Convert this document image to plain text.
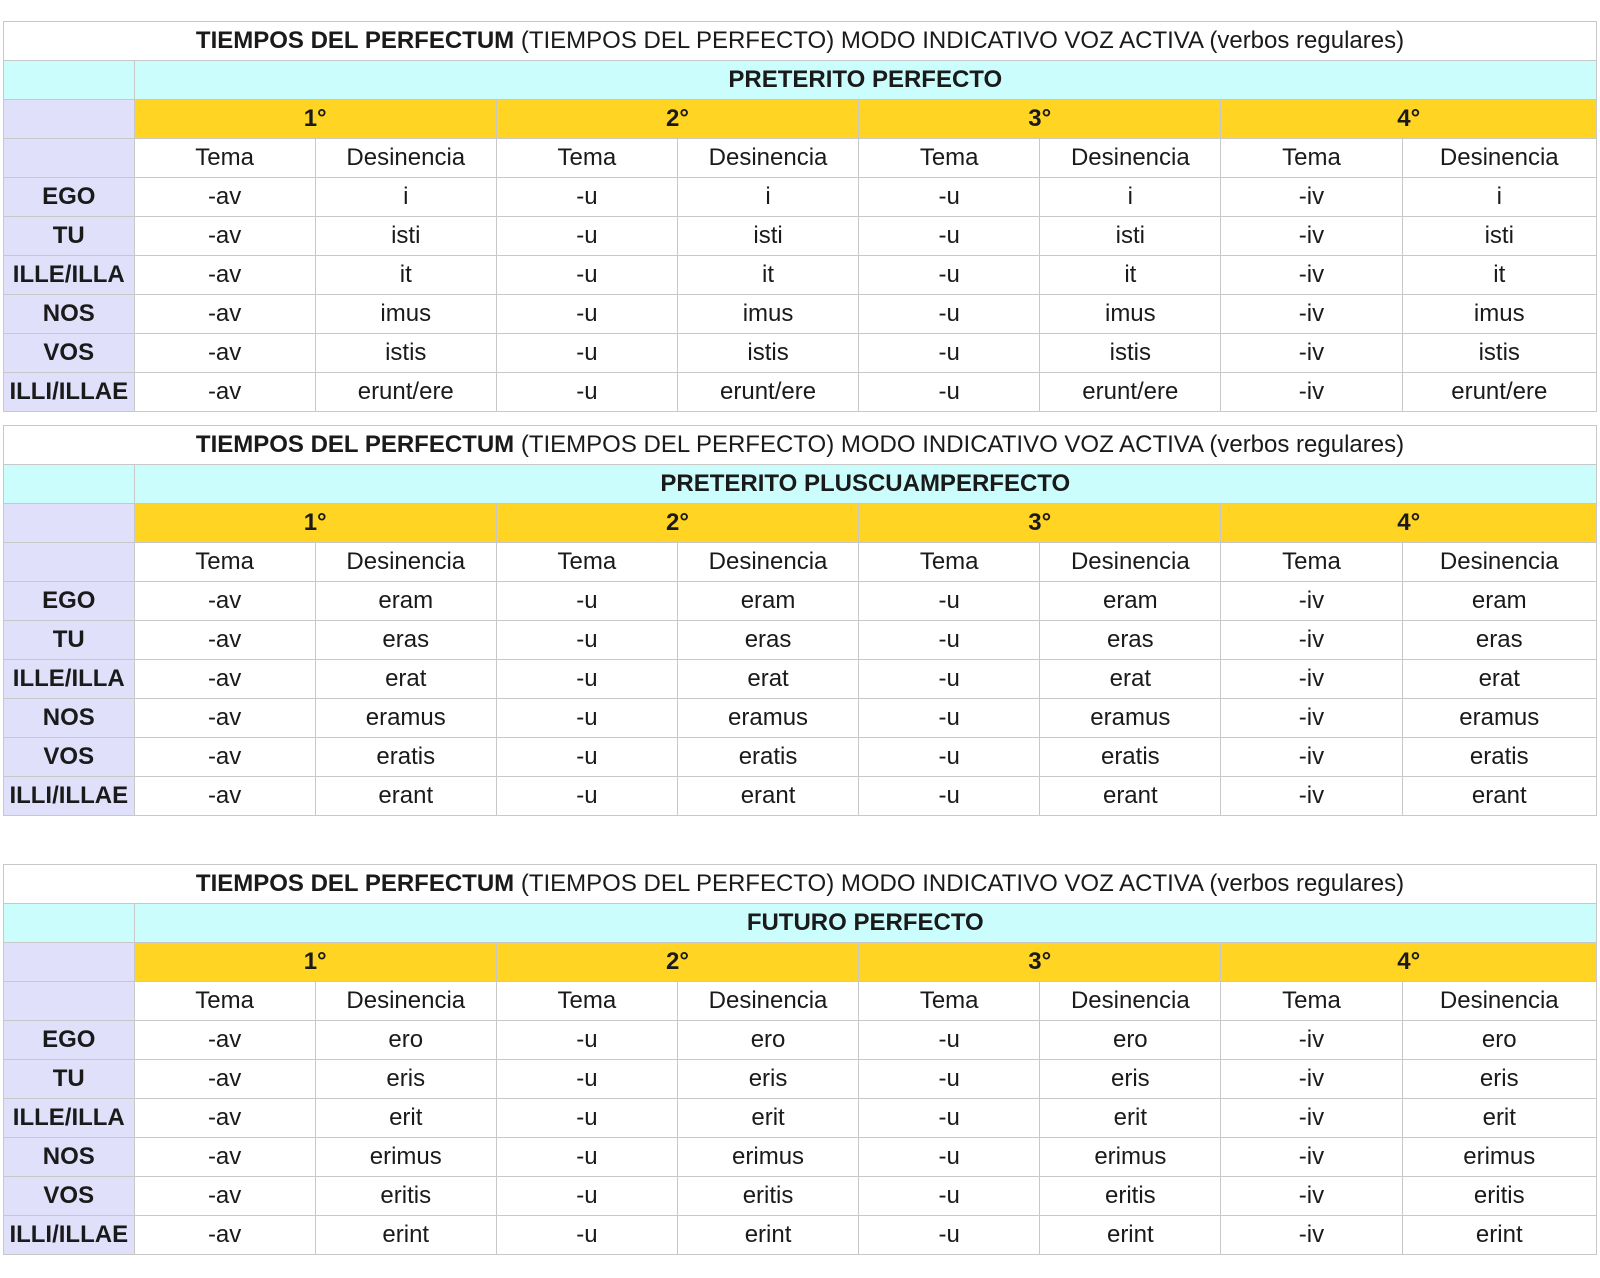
TIEMPOS DEL PERFECTUM (TIEMPOS DEL PERFECTO) MODO INDICATIVO VOZ ACTIVA (verbos regulares)								
	PRETERITO PERFECTO							
	1°		2°		3°		4°	
	Tema	Desinencia	Tema	Desinencia	Tema	Desinencia	Tema	Desinencia
EGO	-av	i	-u	i	-u	i	-iv	i
TU	-av	isti	-u	isti	-u	isti	-iv	isti
ILLE/ILLA	-av	it	-u	it	-u	it	-iv	it
NOS	-av	imus	-u	imus	-u	imus	-iv	imus
VOS	-av	istis	-u	istis	-u	istis	-iv	istis
ILLI/ILLAE	-av	erunt/ere	-u	erunt/ere	-u	erunt/ere	-iv	erunt/ere
TIEMPOS DEL PERFECTUM (TIEMPOS DEL PERFECTO) MODO INDICATIVO VOZ ACTIVA (verbos regulares)								
	PRETERITO PLUSCUAMPERFECTO							
	1°		2°		3°		4°	
	Tema	Desinencia	Tema	Desinencia	Tema	Desinencia	Tema	Desinencia
EGO	-av	eram	-u	eram	-u	eram	-iv	eram
TU	-av	eras	-u	eras	-u	eras	-iv	eras
ILLE/ILLA	-av	erat	-u	erat	-u	erat	-iv	erat
NOS	-av	eramus	-u	eramus	-u	eramus	-iv	eramus
VOS	-av	eratis	-u	eratis	-u	eratis	-iv	eratis
ILLI/ILLAE	-av	erant	-u	erant	-u	erant	-iv	erant
TIEMPOS DEL PERFECTUM (TIEMPOS DEL PERFECTO) MODO INDICATIVO VOZ ACTIVA (verbos regulares)								
	FUTURO PERFECTO							
	1°		2°		3°		4°	
	Tema	Desinencia	Tema	Desinencia	Tema	Desinencia	Tema	Desinencia
EGO	-av	ero	-u	ero	-u	ero	-iv	ero
TU	-av	eris	-u	eris	-u	eris	-iv	eris
ILLE/ILLA	-av	erit	-u	erit	-u	erit	-iv	erit
NOS	-av	erimus	-u	erimus	-u	erimus	-iv	erimus
VOS	-av	eritis	-u	eritis	-u	eritis	-iv	eritis
ILLI/ILLAE	-av	erint	-u	erint	-u	erint	-iv	erint
